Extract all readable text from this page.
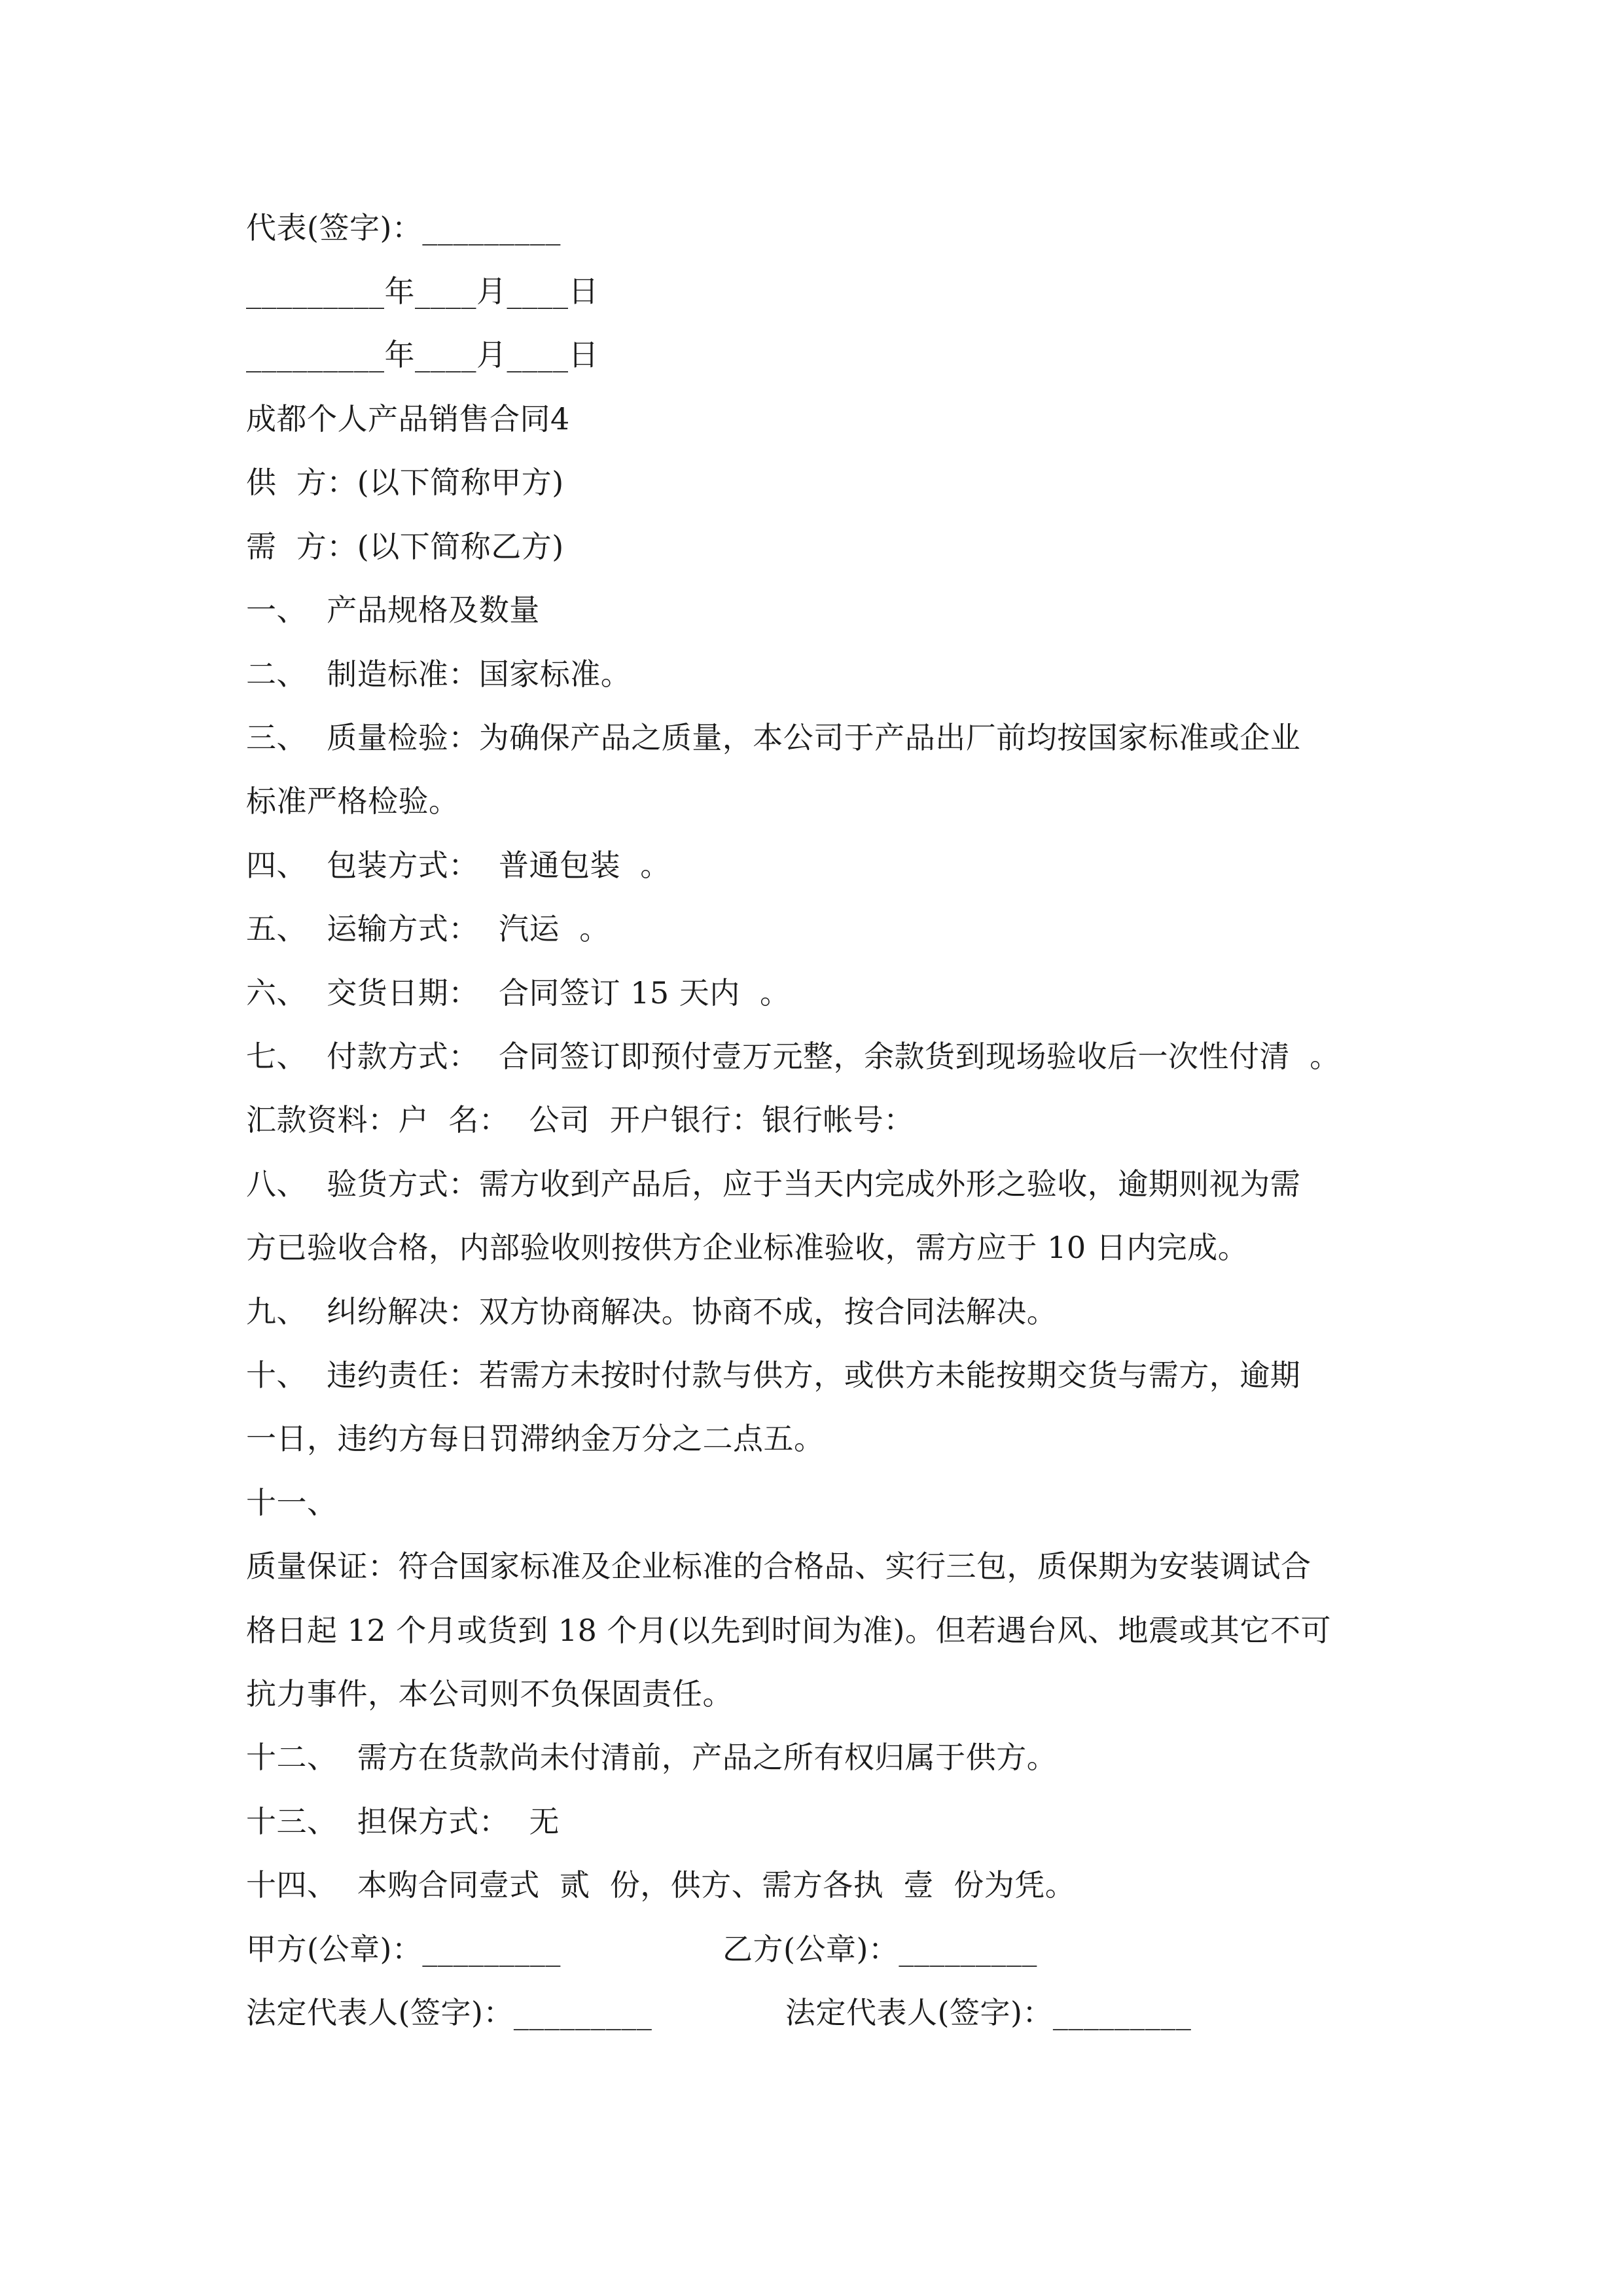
代表(签字)：_________
_________年____月____日
_________年____月____日
成都个人产品销售合同4
供  方：(以下简称甲方)
需  方：(以下简称乙方)
一、  产品规格及数量
二、  制造标准：国家标准。
三、  质量检验：为确保产品之质量，本公司于产品出厂前均按国家标准或企业
标准严格检验。
四、  包装方式：  普通包装  。
五、  运输方式：  汽运  。
六、  交货日期：  合同签订 15 天内  。
七、  付款方式：  合同签订即预付壹万元整，余款货到现场验收后一次性付清  。
汇款资料：户  名：  公司  开户银行：银行帐号：
八、  验货方式：需方收到产品后，应于当天内完成外形之验收，逾期则视为需
方已验收合格，内部验收则按供方企业标准验收，需方应于 10 日内完成。
九、  纠纷解决：双方协商解决。协商不成，按合同法解决。
十、  违约责任：若需方未按时付款与供方，或供方未能按期交货与需方，逾期
一日，违约方每日罚滞纳金万分之二点五。
十一、
质量保证：符合国家标准及企业标准的合格品、实行三包，质保期为安装调试合
格日起 12 个月或货到 18 个月(以先到时间为准)。但若遇台风、地震或其它不可
抗力事件，本公司则不负保固责任。
十二、  需方在货款尚未付清前，产品之所有权归属于供方。
十三、  担保方式：  无
十四、  本购合同壹式  贰  份，供方、需方各执  壹  份为凭。
甲方(公章)：_________	乙方(公章)：_________
法定代表人(签字)：_________	法定代表人(签字)：_________
